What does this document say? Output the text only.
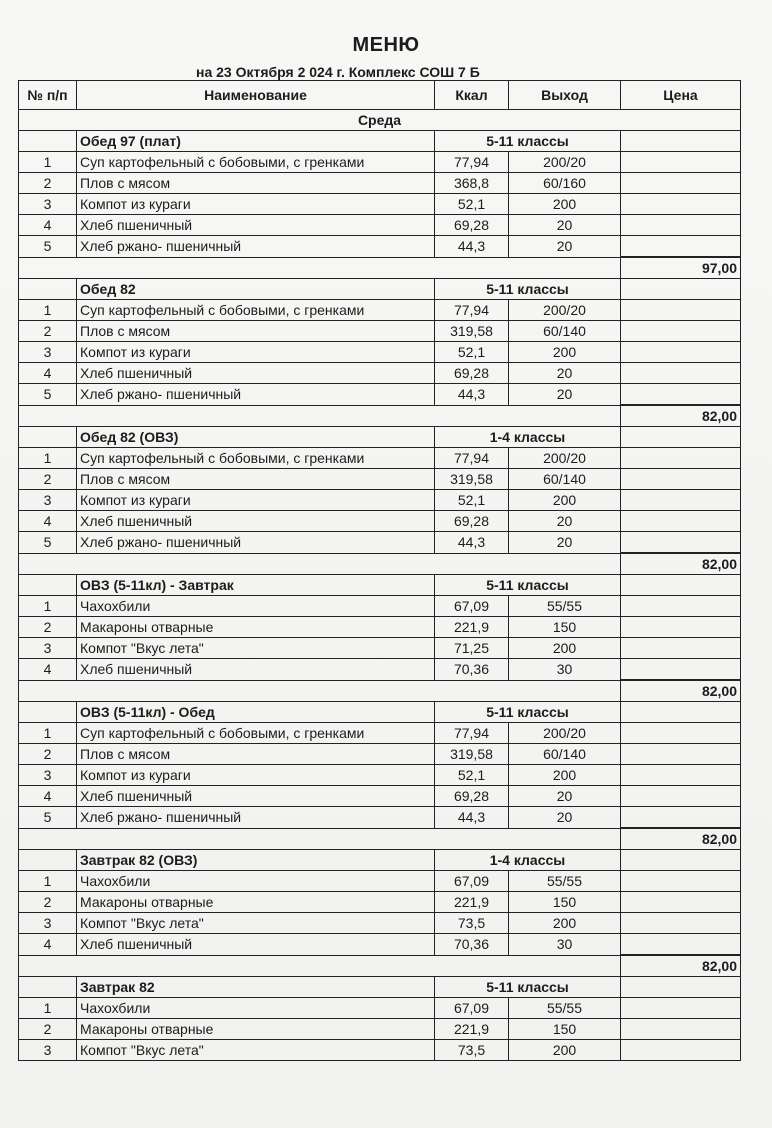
МЕНЮ
на 23 Октября 2 024 г. Комплекс СОШ 7 Б
№ п/п	Наименование	Ккал	Выход	Цена
Среда				
	Обед 97 (плат)	5-11 классы		
1	Суп картофельный с бобовыми, с гренками	77,94	200/20	
2	Плов с мясом	368,8	60/160	
3	Компот из кураги	52,1	200	
4	Хлеб пшеничный	69,28	20	
5	Хлеб ржано- пшеничный	44,3	20	
				97,00
	Обед 82	5-11 классы		
1	Суп картофельный с бобовыми, с гренками	77,94	200/20	
2	Плов с мясом	319,58	60/140	
3	Компот из кураги	52,1	200	
4	Хлеб пшеничный	69,28	20	
5	Хлеб ржано- пшеничный	44,3	20	
				82,00
	Обед 82 (ОВЗ)	1-4 классы		
1	Суп картофельный с бобовыми, с гренками	77,94	200/20	
2	Плов с мясом	319,58	60/140	
3	Компот из кураги	52,1	200	
4	Хлеб пшеничный	69,28	20	
5	Хлеб ржано- пшеничный	44,3	20	
				82,00
	ОВЗ (5-11кл) - Завтрак	5-11 классы		
1	Чахохбили	67,09	55/55	
2	Макароны отварные	221,9	150	
3	Компот "Вкус лета"	71,25	200	
4	Хлеб пшеничный	70,36	30	
				82,00
	ОВЗ (5-11кл) - Обед	5-11 классы		
1	Суп картофельный с бобовыми, с гренками	77,94	200/20	
2	Плов с мясом	319,58	60/140	
3	Компот из кураги	52,1	200	
4	Хлеб пшеничный	69,28	20	
5	Хлеб ржано- пшеничный	44,3	20	
				82,00
	Завтрак 82 (ОВЗ)	1-4 классы		
1	Чахохбили	67,09	55/55	
2	Макароны отварные	221,9	150	
3	Компот "Вкус лета"	73,5	200	
4	Хлеб пшеничный	70,36	30	
				82,00
	Завтрак 82	5-11 классы		
1	Чахохбили	67,09	55/55	
2	Макароны отварные	221,9	150	
3	Компот "Вкус лета"	73,5	200	
